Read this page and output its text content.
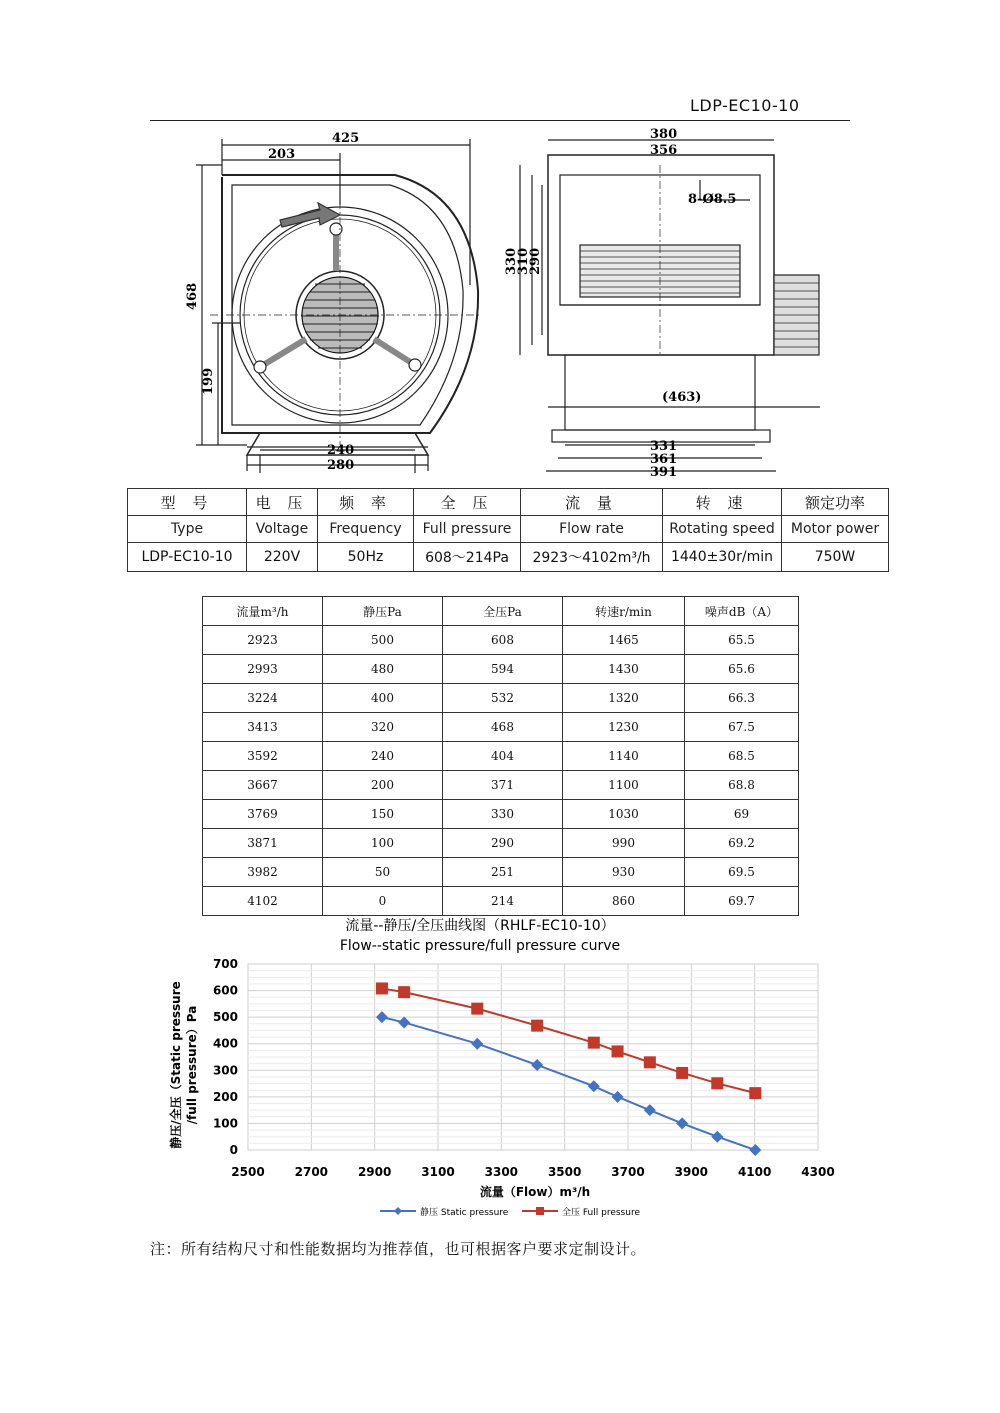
LDP-EC10-10
425
203
468
199
240
280
380
356
8-Ø8.5
330
310
290
(463)
331
361
391
型 号	电 压	频 率	全 压	流 量	转 速	额定功率
Type	Voltage	Frequency	Full pressure	Flow rate	Rotating speed	Motor power
LDP-EC10-10	220V	50Hz	608～214Pa	2923～4102m³/h	1440±30r/min	750W
流量m³/h	静压Pa	全压Pa	转速r/min	噪声dB（A）
2923	500	608	1465	65.5
2993	480	594	1430	65.6
3224	400	532	1320	66.3
3413	320	468	1230	67.5
3592	240	404	1140	68.5
3667	200	371	1100	68.8
3769	150	330	1030	69
3871	100	290	990	69.2
3982	50	251	930	69.5
4102	0	214	860	69.7
流量--静压/全压曲线图（RHLF-EC10-10）
Flow--static pressure/full pressure curve
2500 2700 2900 3100 3300 3500 3700 3900 4100 4300
0
100
200
300
400
500
600
700
静压/全压（Static pressure /full pressure）Pa
流量（Flow）m³/h
静压 Static pressure	全压 Full pressure
注：所有结构尺寸和性能数据均为推荐值，也可根据客户要求定制设计。
